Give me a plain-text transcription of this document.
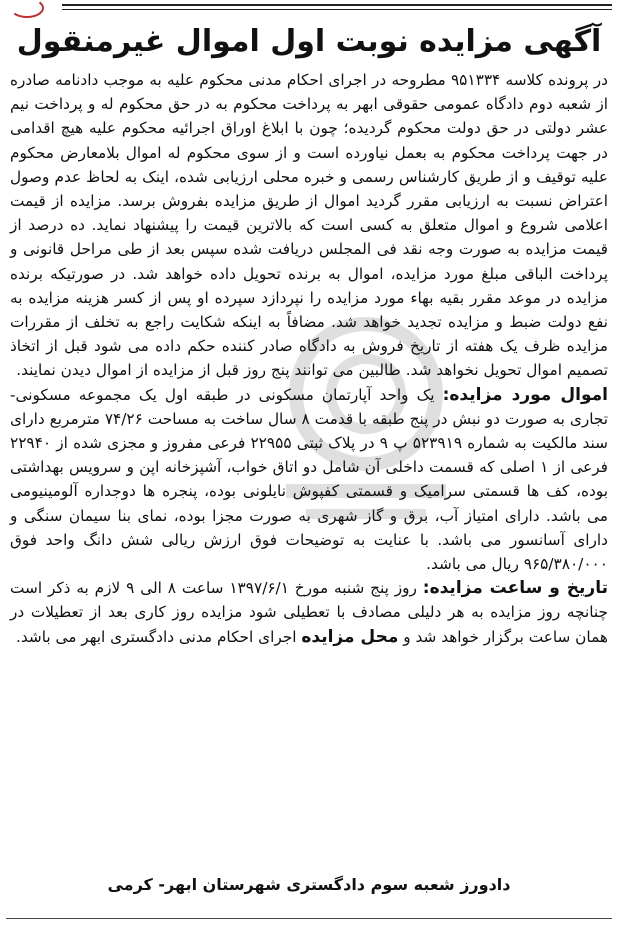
آگهی مزایده نوبت اول اموال غیرمنقول

در پرونده کلاسه ۹۵۱۳۳۴ مطروحه در اجرای احکام مدنی محکوم علیه به موجب دادنامه صادره از شعبه دوم دادگاه عمومی حقوقی ابهر به پرداخت محکوم به در حق محکوم له و پرداخت نیم عشر دولتی در حق دولت محکوم گردیده؛ چون با ابلاغ اوراق اجرائیه محکوم علیه هیچ اقدامی در جهت پرداخت محکوم به بعمل نیاورده است و از سوی محکوم له اموال بلامعارض محکوم علیه توقیف و از طریق کارشناس رسمی و خبره محلی ارزیابی شده، اینک به لحاظ عدم وصول اعتراض نسبت به ارزیابی مقرر گردید اموال از طریق مزایده بفروش برسد. مزایده از قیمت اعلامی شروع و اموال متعلق به کسی است که بالاترین قیمت را پیشنهاد نماید. ده درصد از قیمت مزایده به صورت وجه نقد فی المجلس دریافت شده سپس بعد از طی مراحل قانونی و پرداخت الباقی مبلغ مورد مزایده، اموال به برنده تحویل داده خواهد شد. در صورتیکه برنده مزایده در موعد مقرر بقیه بهاء مورد مزایده را نپردازد سپرده او پس از کسر هزینه مزایده به نفع دولت ضبط و مزایده تجدید خواهد شد. مضافاً به اینکه شکایت راجع به تخلف از مقررات مزایده ظرف یک هفته از تاریخ فروش به دادگاه صادر کننده حکم داده می شود قبل از اتخاذ تصمیم اموال تحویل نخواهد شد. طالبین می توانند پنج روز قبل از مزایده از اموال دیدن نمایند.
اموال مورد مزایده: یک واحد آپارتمان مسکونی در طبقه اول یک مجموعه مسکونی- تجاری به صورت دو نبش در پنج طبقه با قدمت ۸ سال ساخت به مساحت ۷۴/۲۶ مترمربع دارای سند مالکیت به شماره ۵۲۳۹۱۹ پ ۹ در پلاک ثبتی ۲۲۹۵۵ فرعی مفروز و مجزی شده از ۲۲۹۴۰ فرعی از ۱ اصلی که قسمت داخلی آن شامل دو اتاق خواب، آشپزخانه اپن و سرویس بهداشتی بوده، کف ها قسمتی سرامیک و قسمتی کفپوش نایلونی بوده، پنجره ها دوجداره آلومینیومی می باشد. دارای امتیاز آب، برق و گاز شهری به صورت مجزا بوده، نمای بنا سیمان سنگی و دارای آسانسور می باشد. با عنایت به توضیحات فوق ارزش ریالی شش دانگ واحد فوق ۹۶۵/۳۸۰/۰۰۰ ریال می باشد.
تاریخ و ساعت مزایده: روز پنج شنبه مورخ ۱۳۹۷/۶/۱ ساعت ۸ الی ۹ لازم به ذکر است چنانچه روز مزایده به هر دلیلی مصادف با تعطیلی شود مزایده روز کاری بعد از تعطیلات در همان ساعت برگزار خواهد شد و محل مزایده اجرای احکام مدنی دادگستری ابهر می باشد.

دادورز شعبه سوم دادگستری شهرستان ابهر- کرمی
